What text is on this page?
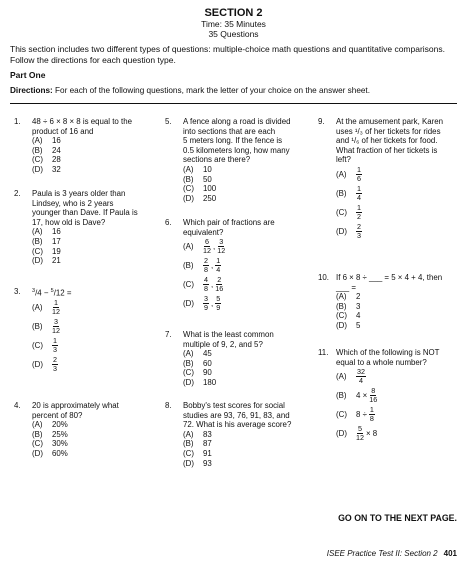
SECTION 2
Time: 35 Minutes
35 Questions
This section includes two different types of questions: multiple-choice math questions and quantitative comparisons. Follow the directions for each question type.
Part One
Directions: For each of the following questions, mark the letter of your choice on the answer sheet.
1.	48 ÷ 6 × 8 × 8 is equal to the
product of 16 and
(A)	16
(B)	24
(C)	28
(D)	32
2.	Paula is 3 years older than
Lindsey, who is 2 years
younger than Dave. If Paula is
17, how old is Dave?
(A)	16
(B)	17
(C)	19
(D)	21
3.	$^3$/4 − $^5$/12 =
(A)
1
12
(B)
3
12
(C)
1
3
(D)
2
3
4.	20 is approximately what
percent of 80?
(A)	20%
(B)	25%
(C)	30%
(D)	60%
5.	A fence along a road is divided
into sections that are each
5 meters long. If the fence is
0.5 kilometers long, how many
sections are there?
(A)	10
(B)	50
(C)	100
(D)	250
6.	Which pair of fractions are
equivalent?
(A)
6
12 ,
3
12
(B)
2
8 ,
1
4
(C)
4
8 ,
2
16
(D)
3
9 ,
5
9
7.	What is the least common
multiple of 9, 2, and 5?
(A)	45
(B)	60
(C)	90
(D)	180
8.	Bobby's test scores for social
studies are 93, 76, 91, 83, and
72. What is his average score?
(A)	83
(B)	87
(C)	91
(D)	93
9.	At the amusement park, Karen
uses ¹/₃ of her tickets for rides
and ¹/₆ of her tickets for food.
What fraction of her tickets is
left?
(A)
1
6
(B)
1
4
(C)
1
2
(D)
2
3
10. If 6 × 8 ÷ ___ = 5 × 4 + 4, then
___ =
(A)	2
(B)	3
(C)	4
(D)	5
11. Which of the following is NOT
equal to a whole number?
(A)
32
4
(B)	$4 \times \frac{8}{16}$
(C)	$8 \div \frac{1}{8}$
(D)	$\frac{5}{12} \times 8$
GO ON TO THE NEXT PAGE.
ISEE Practice Test II: Section 2 401
